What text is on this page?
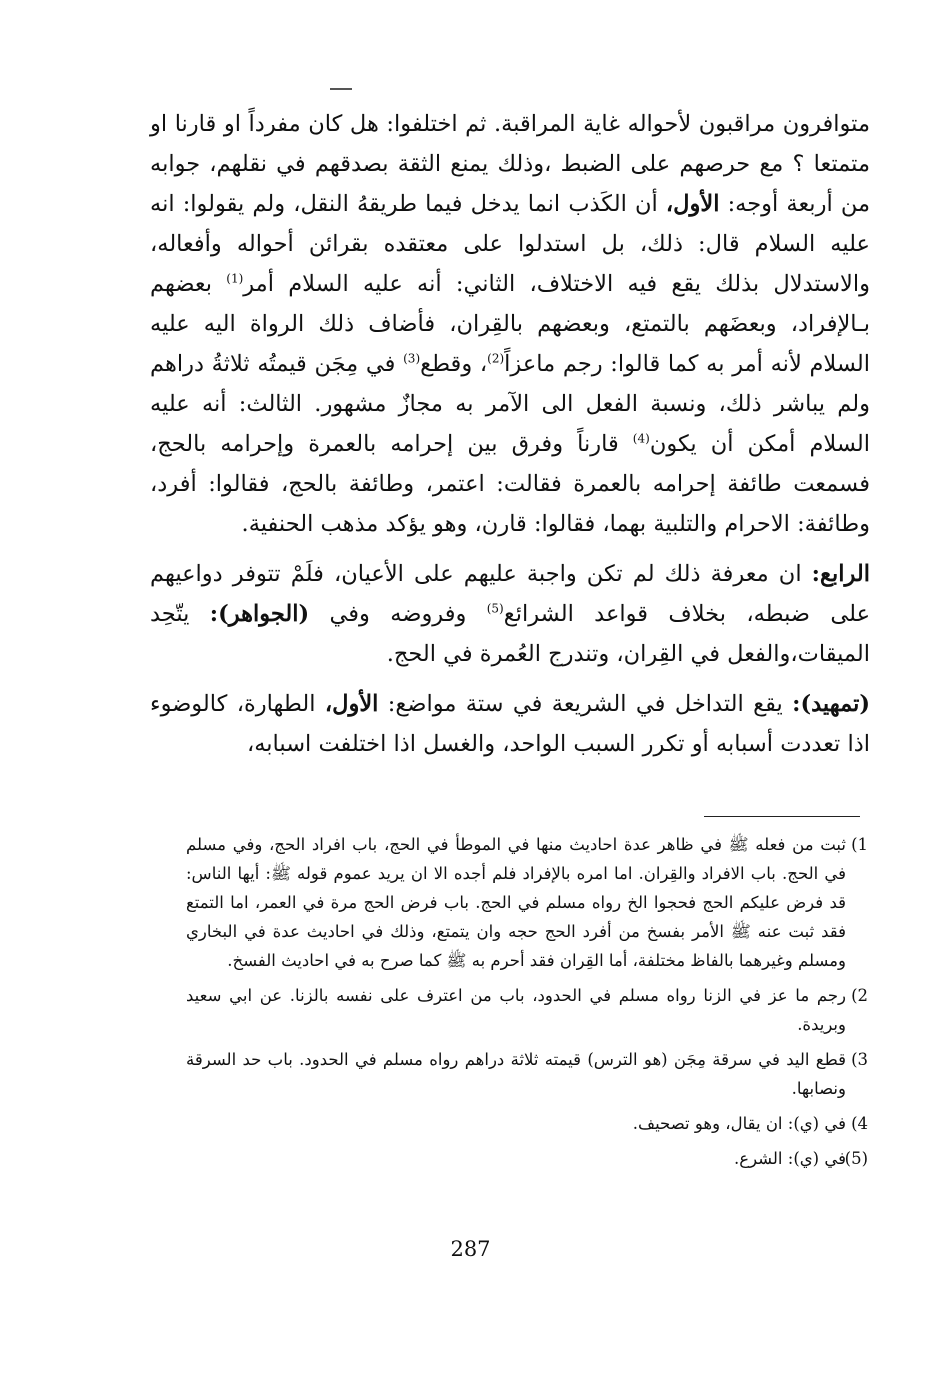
متوافرون مراقبون لأحواله غاية المراقبة. ثم اختلفوا: هل كان مفرداً او قارنا او متمتعا ؟ مع حرصهم على الضبط ،وذلك يمنع الثقة بصدقهم في نقلهم، جوابه من أربعة أوجه: الأول، أن الكَذب انما يدخل فيما طريقهُ النقل، ولم يقولوا: انه عليه السلام قال: ذلك، بل استدلوا على معتقده بقرائن أحواله وأفعاله، والاستدلال بذلك يقع فيه الاختلاف، الثاني: أنه عليه السلام أمر$^{(1)}$ بعضهم بـالإفراد، وبعضَهم بالتمتع، وبعضهم بالقِران، فأضاف ذلك الرواة اليه عليه السلام لأنه أمر به كما قالوا: رجم ماعزاً$^{(2)}$، وقطع$^{(3)}$ في مِجَن قيمتُه ثلاثةُ دراهم ولم يباشر ذلك، ونسبة الفعل الى الآمر به مجازٌ مشهور. الثالث: أنه عليه السلام أمكن أن يكون$^{(4)}$ قارناً وفرق بين إحرامه بالعمرة وإحرامه بالحج، فسمعت طائفة إحرامه بالعمرة فقالت: اعتمر، وطائفة بالحج، فقالوا: أفرد، وطائفة: الاحرام والتلبية بهما، فقالوا: قارن، وهو يؤكد مذهب الحنفية.

الرابع: ان معرفة ذلك لم تكن واجبة عليهم على الأعيان، فلَمْ تتوفر دواعيهم على ضبطه، بخلاف قواعد الشرائع$^{(5)}$ وفروضه وفي (الجواهر): يتّحِد الميقات،والفعل في القِران، وتندرج العُمرة في الحج.

(تمهيد): يقع التداخل في الشريعة في ستة مواضع: الأول، الطهارة، كالوضوء اذا تعددت أسبابه أو تكرر السبب الواحد، والغسل اذا اختلفت اسبابه،

1)
ثبت من فعله ﷺ في ظاهر عدة احاديث منها في الموطأ في الحج، باب افراد الحج، وفي مسلم في الحج. باب الافراد والقِران. اما امره بالإفراد فلم أجده الا ان يريد عموم قوله ﷺ: أيها الناس: قد فرض عليكم الحج فحجوا الخ رواه مسلم في الحج. باب فرض الحج مرة في العمر، اما التمتع فقد ثبت عنه ﷺ الأمر بفسخ من أفرد الحج حجه وان يتمتع، وذلك في احاديث عدة في البخاري ومسلم وغيرهما بالفاظ مختلفة، أما القِران فقد أحرم به ﷺ كما صرح به في احاديث الفسخ.
2)
رجم ما عز في الزنا رواه مسلم في الحدود، باب من اعترف على نفسه بالزنا. عن ابي سعيد وبريدة.
3)
قطع اليد في سرقة مِجَن (هو الترس) قيمته ثلاثة دراهم رواه مسلم في الحدود. باب حد السرقة ونصابها.
4)
في (ي): ان يقال، وهو تصحيف.
(5)
في (ي): الشرع.
287
